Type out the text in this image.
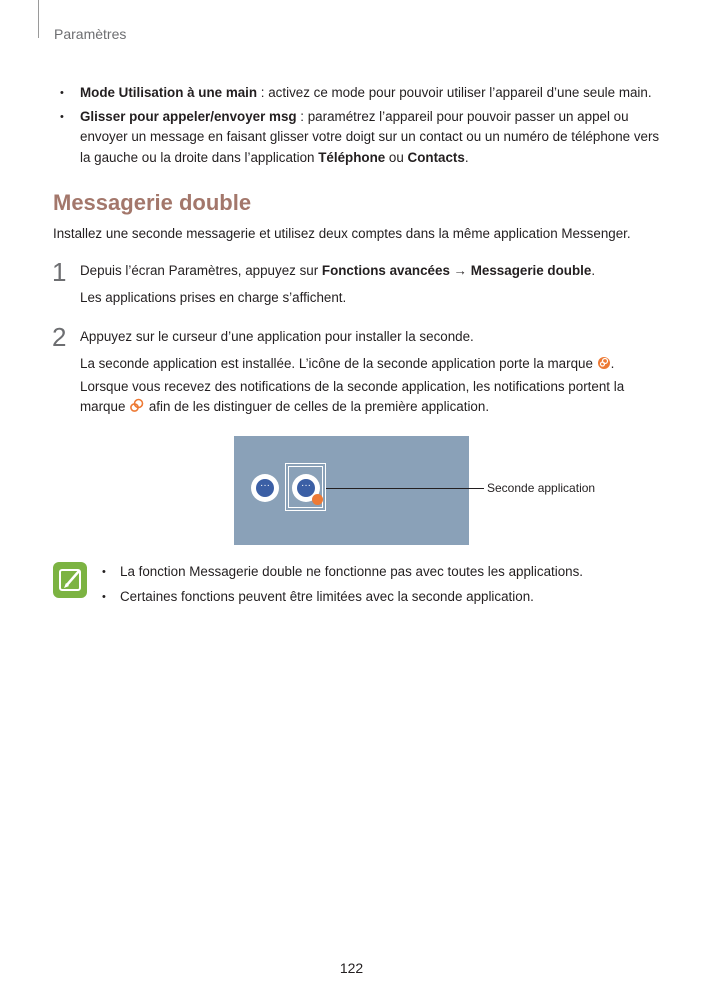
Paramètres
• Mode Utilisation à une main : activez ce mode pour pouvoir utiliser l’appareil d’une seule main.
• Glisser pour appeler/envoyer msg : paramétrez l’appareil pour pouvoir passer un appel ou envoyer un message en faisant glisser votre doigt sur un contact ou un numéro de téléphone vers la gauche ou la droite dans l’application Téléphone ou Contacts.
Messagerie double
Installez une seconde messagerie et utilisez deux comptes dans la même application Messenger.
1 Depuis l’écran Paramètres, appuyez sur Fonctions avancées → Messagerie double.
Les applications prises en charge s’affichent.
2 Appuyez sur le curseur d’une application pour installer la seconde.
La seconde application est installée. L’icône de la seconde application porte la marque .
Lorsque vous recevez des notifications de la seconde application, les notifications portent la
marque  afin de les distinguer de celles de la première application.
···	···	Seconde application
• La fonction Messagerie double ne fonctionne pas avec toutes les applications.
• Certaines fonctions peuvent être limitées avec la seconde application.
122
